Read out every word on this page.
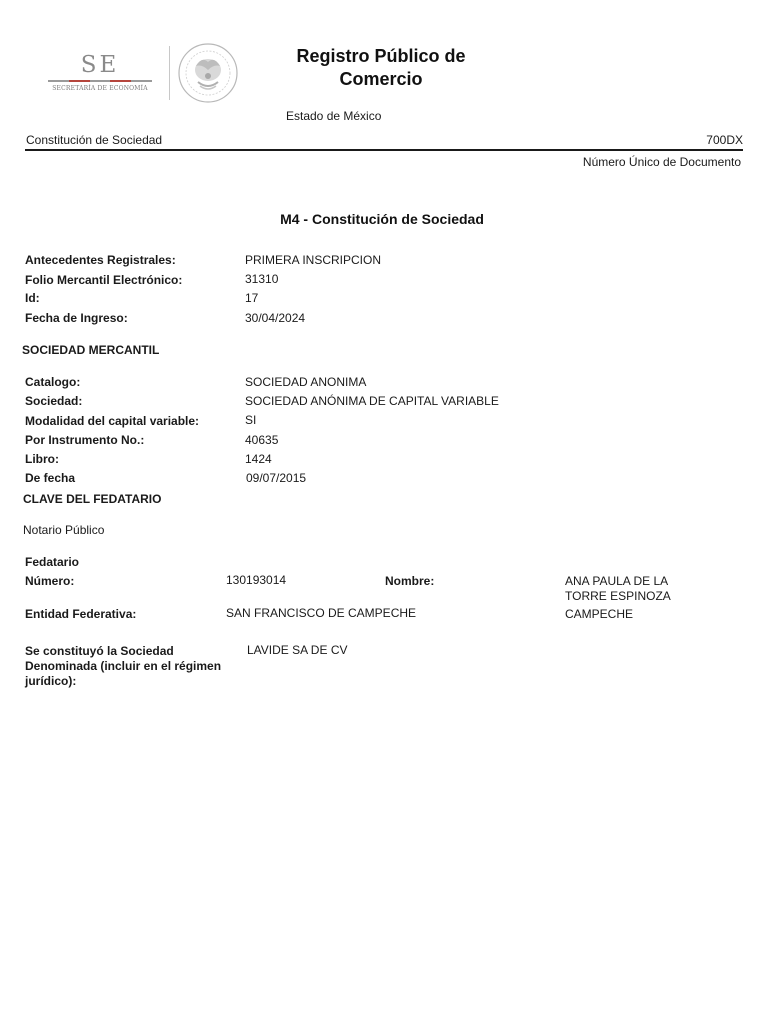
SE
SECRETARÍA DE ECONOMÍA
Registro Público de
Comercio
Estado de México
Constitución de Sociedad	700DX
Número Único de Documento
M4 - Constitución de Sociedad
Antecedentes Registrales:	PRIMERA INSCRIPCION
Folio Mercantil Electrónico:	31310
Id:	17
Fecha de Ingreso:	30/04/2024
SOCIEDAD MERCANTIL
Catalogo:	SOCIEDAD ANONIMA
Sociedad:	SOCIEDAD ANÓNIMA DE CAPITAL VARIABLE
Modalidad del capital variable:	SI
Por Instrumento No.:	40635
Libro:	1424
De fecha	09/07/2015
CLAVE DEL FEDATARIO
Notario Público
Fedatario
Número:	130193014	Nombre:	ANA PAULA DE LA TORRE ESPINOZA
Entidad Federativa:	SAN FRANCISCO DE CAMPECHE	CAMPECHE
Se constituyó la Sociedad Denominada (incluir en el régimen jurídico):
LAVIDE SA DE CV
